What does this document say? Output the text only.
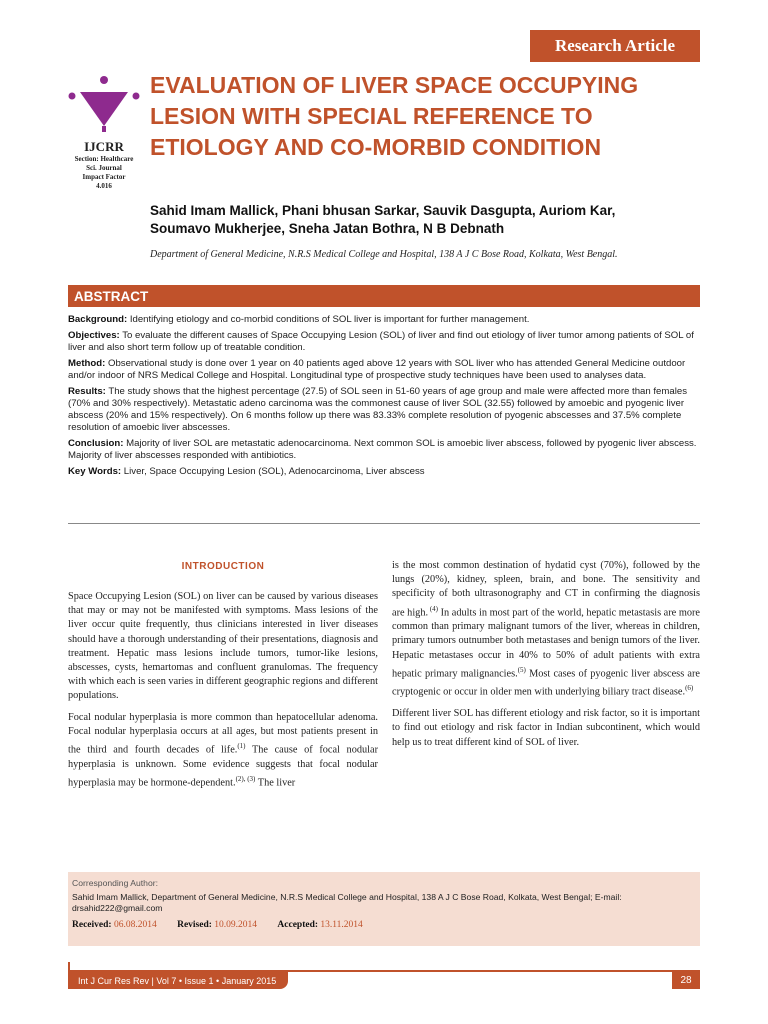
Research Article
IJCRR
Section: Healthcare
Sci. Journal
Impact Factor
4.016
EVALUATION OF LIVER SPACE OCCUPYING
LESION WITH SPECIAL REFERENCE TO
ETIOLOGY AND CO-MORBID CONDITION
Sahid Imam Mallick, Phani bhusan Sarkar, Sauvik Dasgupta, Auriom Kar,
Soumavo Mukherjee, Sneha Jatan Bothra, N B Debnath
Department of General Medicine, N.R.S Medical College and Hospital, 138 A J C Bose Road, Kolkata, West Bengal.
ABSTRACT

Background: Identifying etiology and co-morbid conditions of SOL liver is important for further management.

Objectives: To evaluate the different causes of Space Occupying Lesion (SOL) of liver and find out etiology of liver tumor among patients of SOL of liver and also short term follow up of treatable condition.

Method: Observational study is done over 1 year on 40 patients aged above 12 years with SOL liver who has attended General Medicine outdoor and/or indoor of NRS Medical College and Hospital. Longitudinal type of prospective study techniques have been used to analyses data.

Results: The study shows that the highest percentage (27.5) of SOL seen in 51-60 years of age group and male were affected more than females (70% and 30% respectively). Metastatic adeno carcinoma was the commonest cause of liver SOL (32.55) followed by amoebic and pyogenic liver abscess (20% and 15% respectively). On 6 months follow up there was 83.33% complete resolution of pyogenic abscesses and 37.5% complete resolution of amoebic liver abscesses.

Conclusion: Majority of liver SOL are metastatic adenocarcinoma. Next common SOL is amoebic liver abscess, followed by pyogenic liver abscess. Majority of liver abscesses responded with antibiotics.

Key Words: Liver, Space Occupying Lesion (SOL), Adenocarcinoma, Liver abscess

INTRODUCTION

Space Occupying Lesion (SOL) on liver can be caused by various diseases that may or may not be manifested with symptoms. Mass lesions of the liver occur quite frequently, thus clinicians interested in liver diseases should have a thorough understanding of their presentations, diagnosis and treatment. Hepatic mass lesions include tumors, tumor-like lesions, abscesses, cysts, hemartomas and confluent granulomas. The frequency with which each is seen varies in different geographic regions and different populations.

Focal nodular hyperplasia is more common than hepatocellular adenoma. Focal nodular hyperplasia occurs at all ages, but most patients present in the third and fourth decades of life.$^{(1)}$ The cause of focal nodular hyperplasia is unknown. Some evidence suggests that focal nodular hyperplasia may be hormone-dependent.$^{(2), (3)}$ The liver

is the most common destination of hydatid cyst (70%), followed by the lungs (20%), kidney, spleen, brain, and bone. The sensitivity and specificity of both ultrasonography and CT in confirming the diagnosis are high. $^{(4)}$ In adults in most part of the world, hepatic metastasis are more common than primary malignant tumors of the liver, whereas in children, primary tumors outnumber both metastases and benign tumors of the liver. Hepatic metastases occur in 40% to 50% of adult patients with extra hepatic primary malignancies.$^{(5)}$ Most cases of pyogenic liver abscess are cryptogenic or occur in older men with underlying biliary tract disease.$^{(6)}$

Different liver SOL has different etiology and risk factor, so it is important to find out etiology and risk factor in Indian subcontinent, which would help us to treat different kind of SOL of liver.

Corresponding Author:
Sahid Imam Mallick, Department of General Medicine, N.R.S Medical College and Hospital, 138 A J C Bose Road, Kolkata, West Bengal; E-mail: drsahid222@gmail.com
Received: 06.08.2014 Revised: 10.09.2014 Accepted: 13.11.2014
Int J Cur Res Rev | Vol 7 • Issue 1 • January 2015	28
